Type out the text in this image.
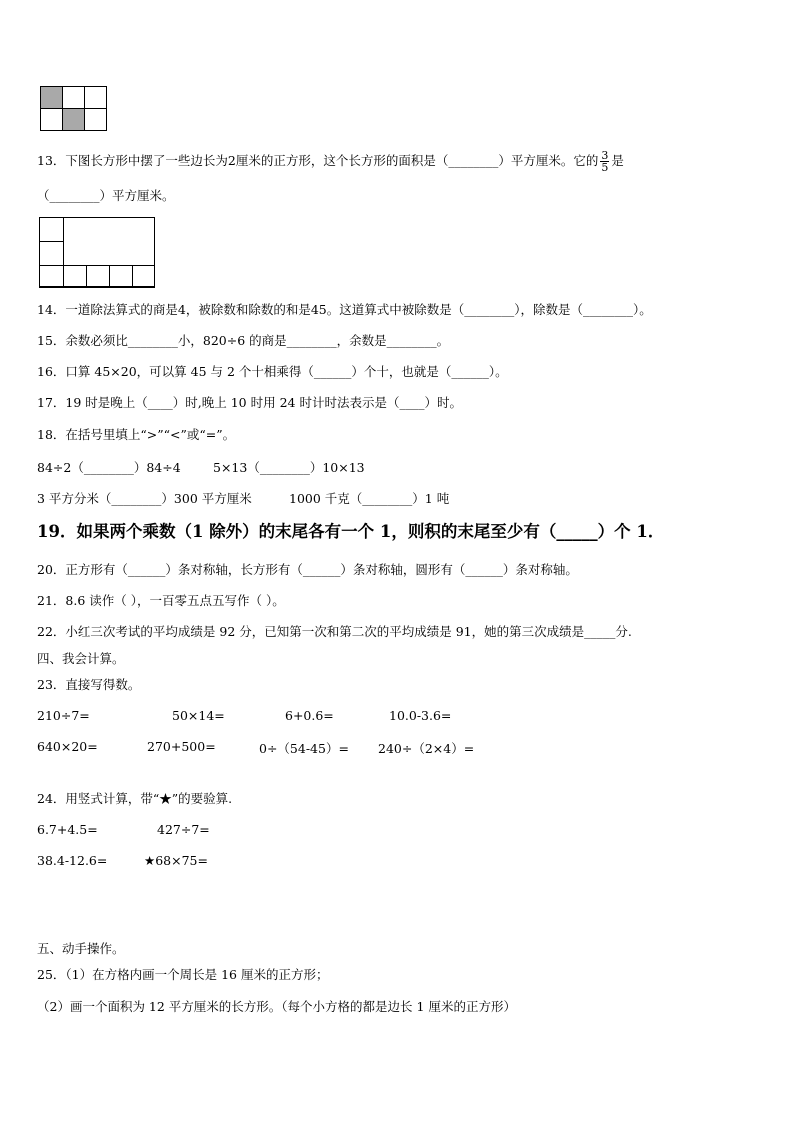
13．下图长方形中摆了一些边长为2厘米的正方形，这个长方形的面积是（________）平方厘米。它的 $\frac{3}{5}$ 是
（________）平方厘米。
14．一道除法算式的商是4，被除数和除数的和是45。这道算式中被除数是（________），除数是（________）。
15．余数必须比________小，820÷6 的商是________，余数是________。
16．口算 45×20，可以算 45 与 2 个十相乘得（______）个十，也就是（______）。
17．19 时是晚上（____）时,晚上 10 时用 24 时计时法表示是（____）时。
18．在括号里填上“>”“<”或“=”。
84÷2（________）84÷4	5×13（________）10×13
3 平方分米（________）300 平方厘米	1000 千克（________）1 吨
19．如果两个乘数（1 除外）的末尾各有一个 1，则积的末尾至少有（_____）个 1．
20．正方形有（______）条对称轴，长方形有（______）条对称轴，圆形有（______）条对称轴。
21．8.6 读作（ ），一百零五点五写作（ ）。
22．小红三次考试的平均成绩是 92 分，已知第一次和第二次的平均成绩是 91，她的第三次成绩是_____分.
四、我会计算。
23．直接写得数。
210÷7=	50×14=	6+0.6=	10.0-3.6=
640×20=	270+500=	0÷（54-45）= 240÷（2×4）=
24．用竖式计算，带“★”的要验算.
6.7+4.5=	427÷7=
38.4-12.6=	★68×75=
五、动手操作。
25．（1）在方格内画一个周长是 16 厘米的正方形；
（2）画一个面积为 12 平方厘米的长方形。（每个小方格的都是边长 1 厘米的正方形）
